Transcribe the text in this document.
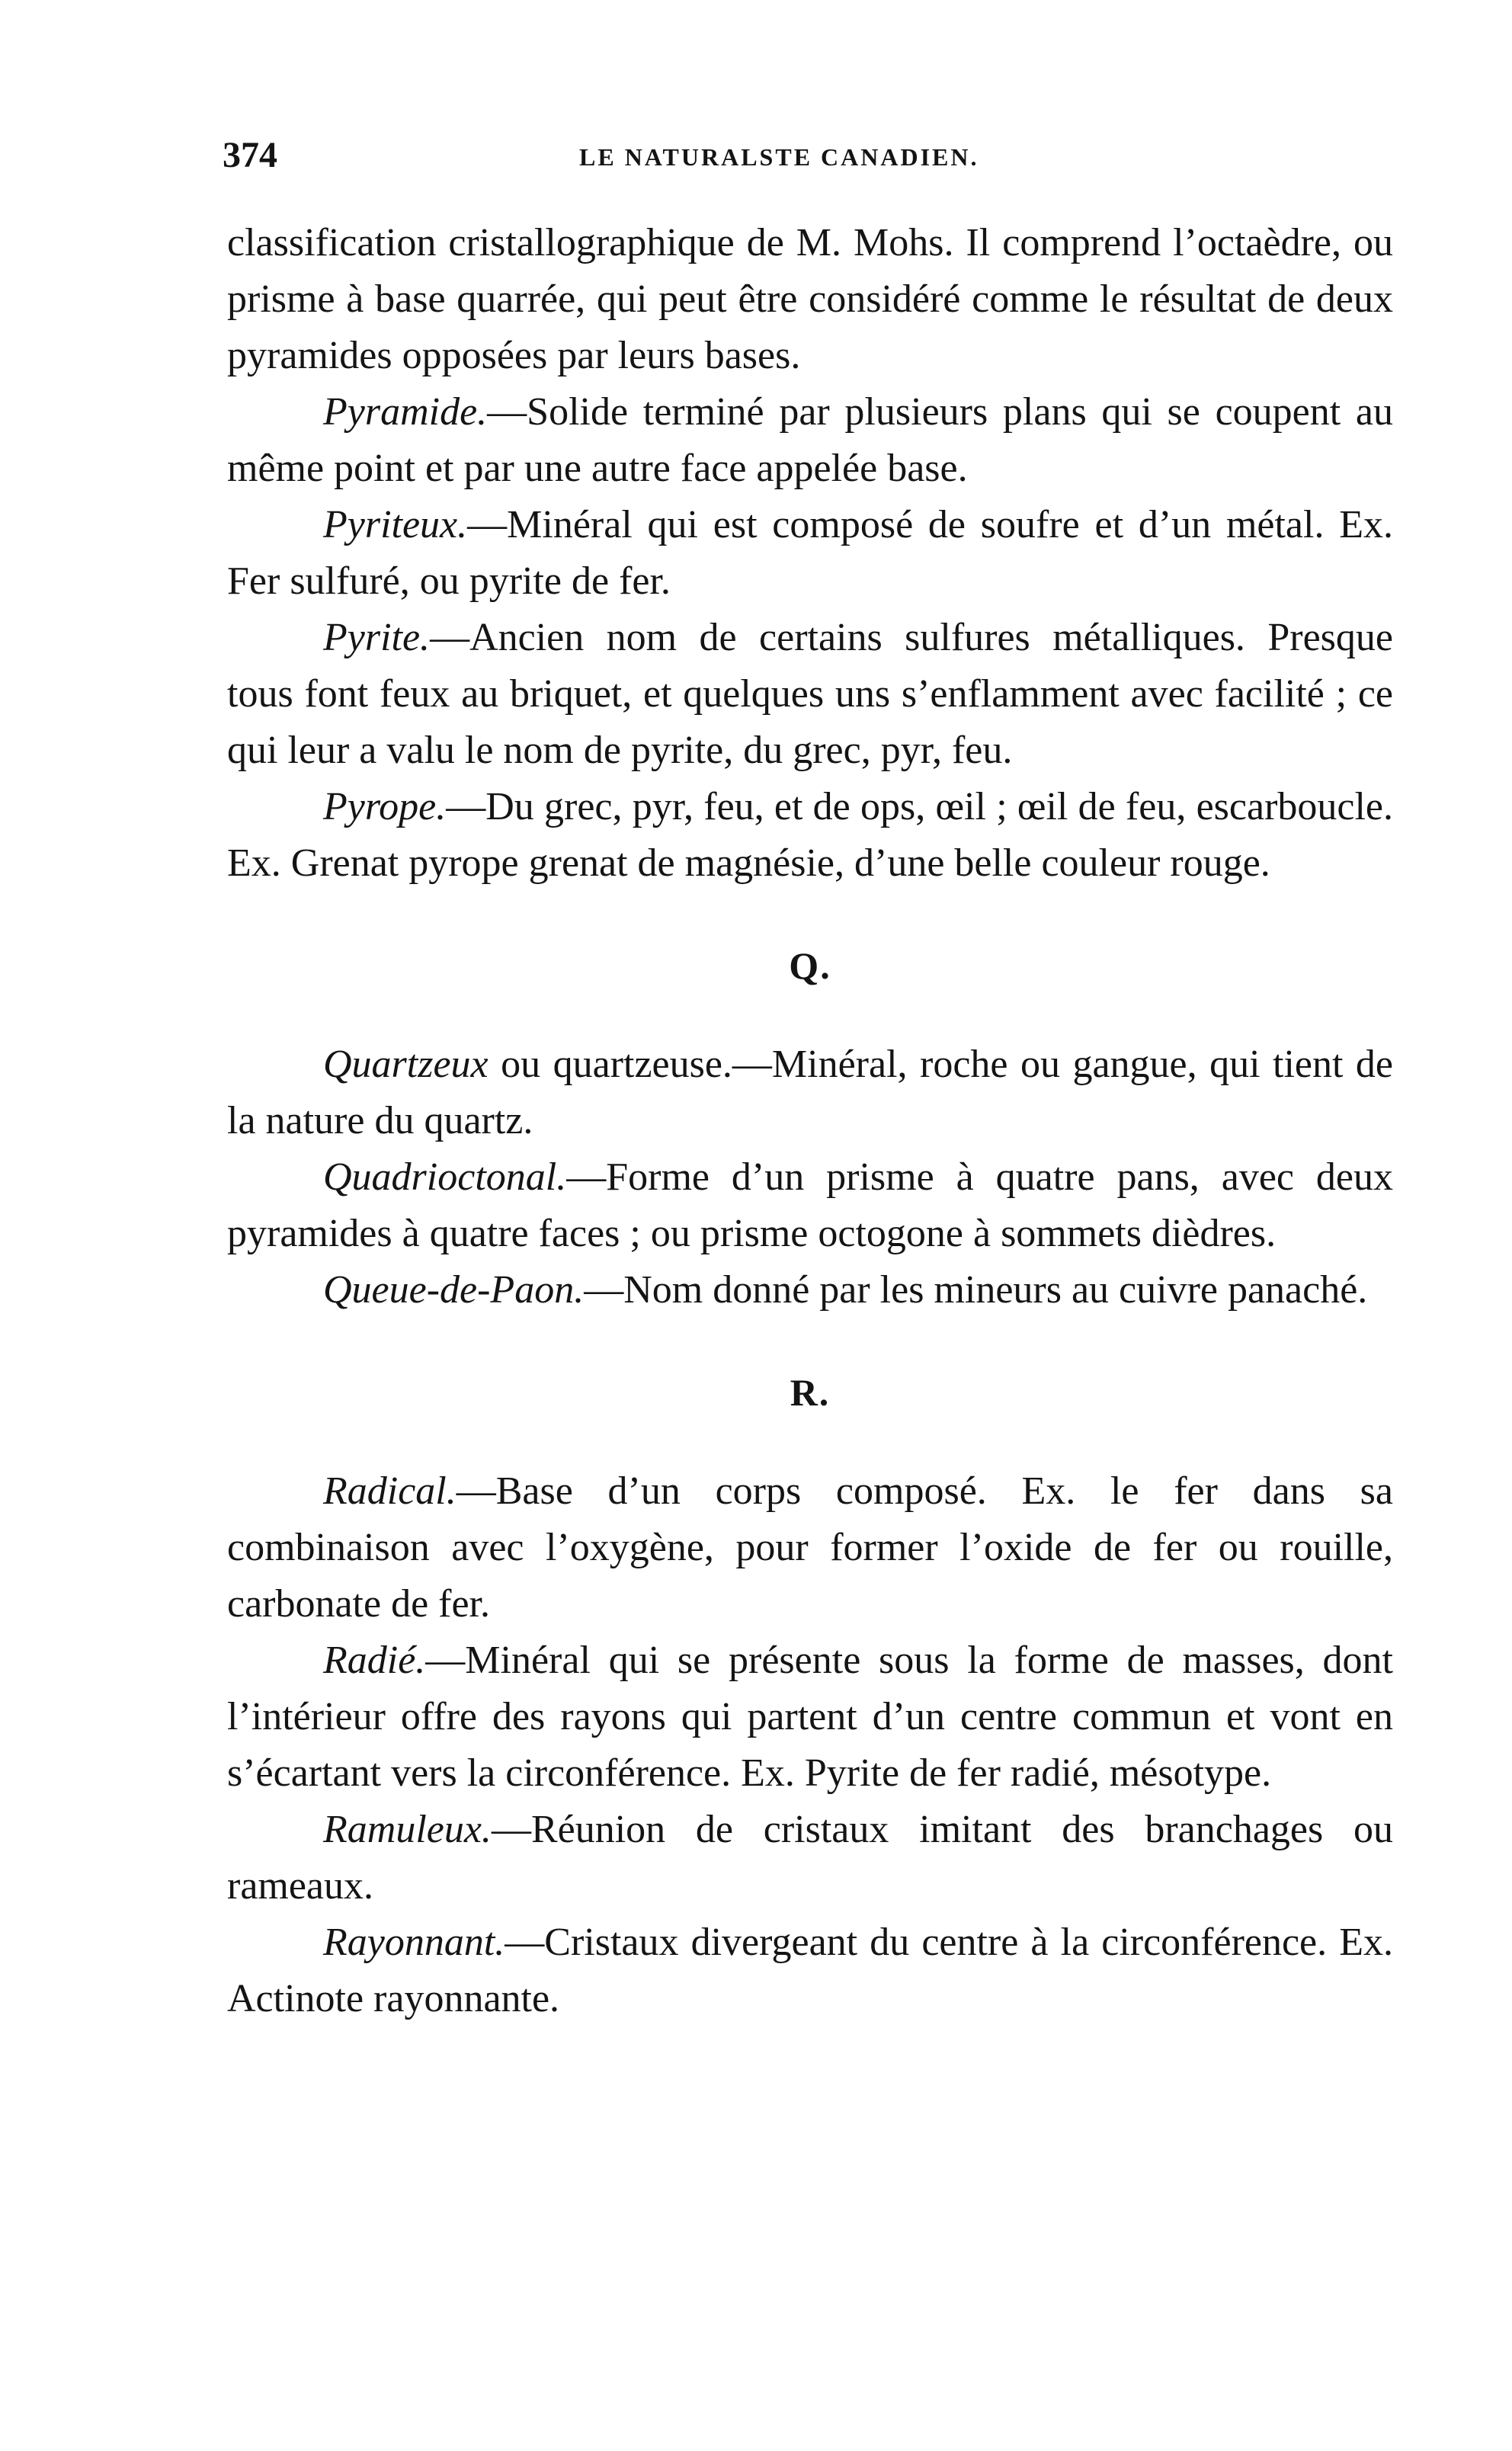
374	LE NATURALSTE CANADIEN.

classification cristallographique de M. Mohs. Il comprend l’octaèdre, ou prisme à base quarrée, qui peut être considéré comme le résultat de deux pyramides opposées par leurs bases.

Pyramide.—Solide terminé par plusieurs plans qui se coupent au même point et par une autre face appelée base.

Pyriteux.—Minéral qui est composé de soufre et d’un métal. Ex. Fer sulfuré, ou pyrite de fer.

Pyrite.—Ancien nom de certains sulfures métalliques. Presque tous font feux au briquet, et quelques uns s’enflamment avec facilité ; ce qui leur a valu le nom de pyrite, du grec, pyr, feu.

Pyrope.—Du grec, pyr, feu, et de ops, œil ; œil de feu, escarboucle. Ex. Grenat pyrope grenat de magnésie, d’une belle couleur rouge.

Q.

Quartzeux ou quartzeuse.—Minéral, roche ou gangue, qui tient de la nature du quartz.

Quadrioctonal.—Forme d’un prisme à quatre pans, avec deux pyramides à quatre faces ; ou prisme octogone à sommets dièdres.

Queue-de-Paon.—Nom donné par les mineurs au cuivre panaché.

R.

Radical.—Base d’un corps composé. Ex. le fer dans sa combinaison avec l’oxygène, pour former l’oxide de fer ou rouille, carbonate de fer.

Radié.—Minéral qui se présente sous la forme de masses, dont l’intérieur offre des rayons qui partent d’un centre commun et vont en s’écartant vers la circonférence. Ex. Pyrite de fer radié, mésotype.

Ramuleux.—Réunion de cristaux imitant des branchages ou rameaux.

Rayonnant.—Cristaux divergeant du centre à la circonférence. Ex. Actinote rayonnante.
